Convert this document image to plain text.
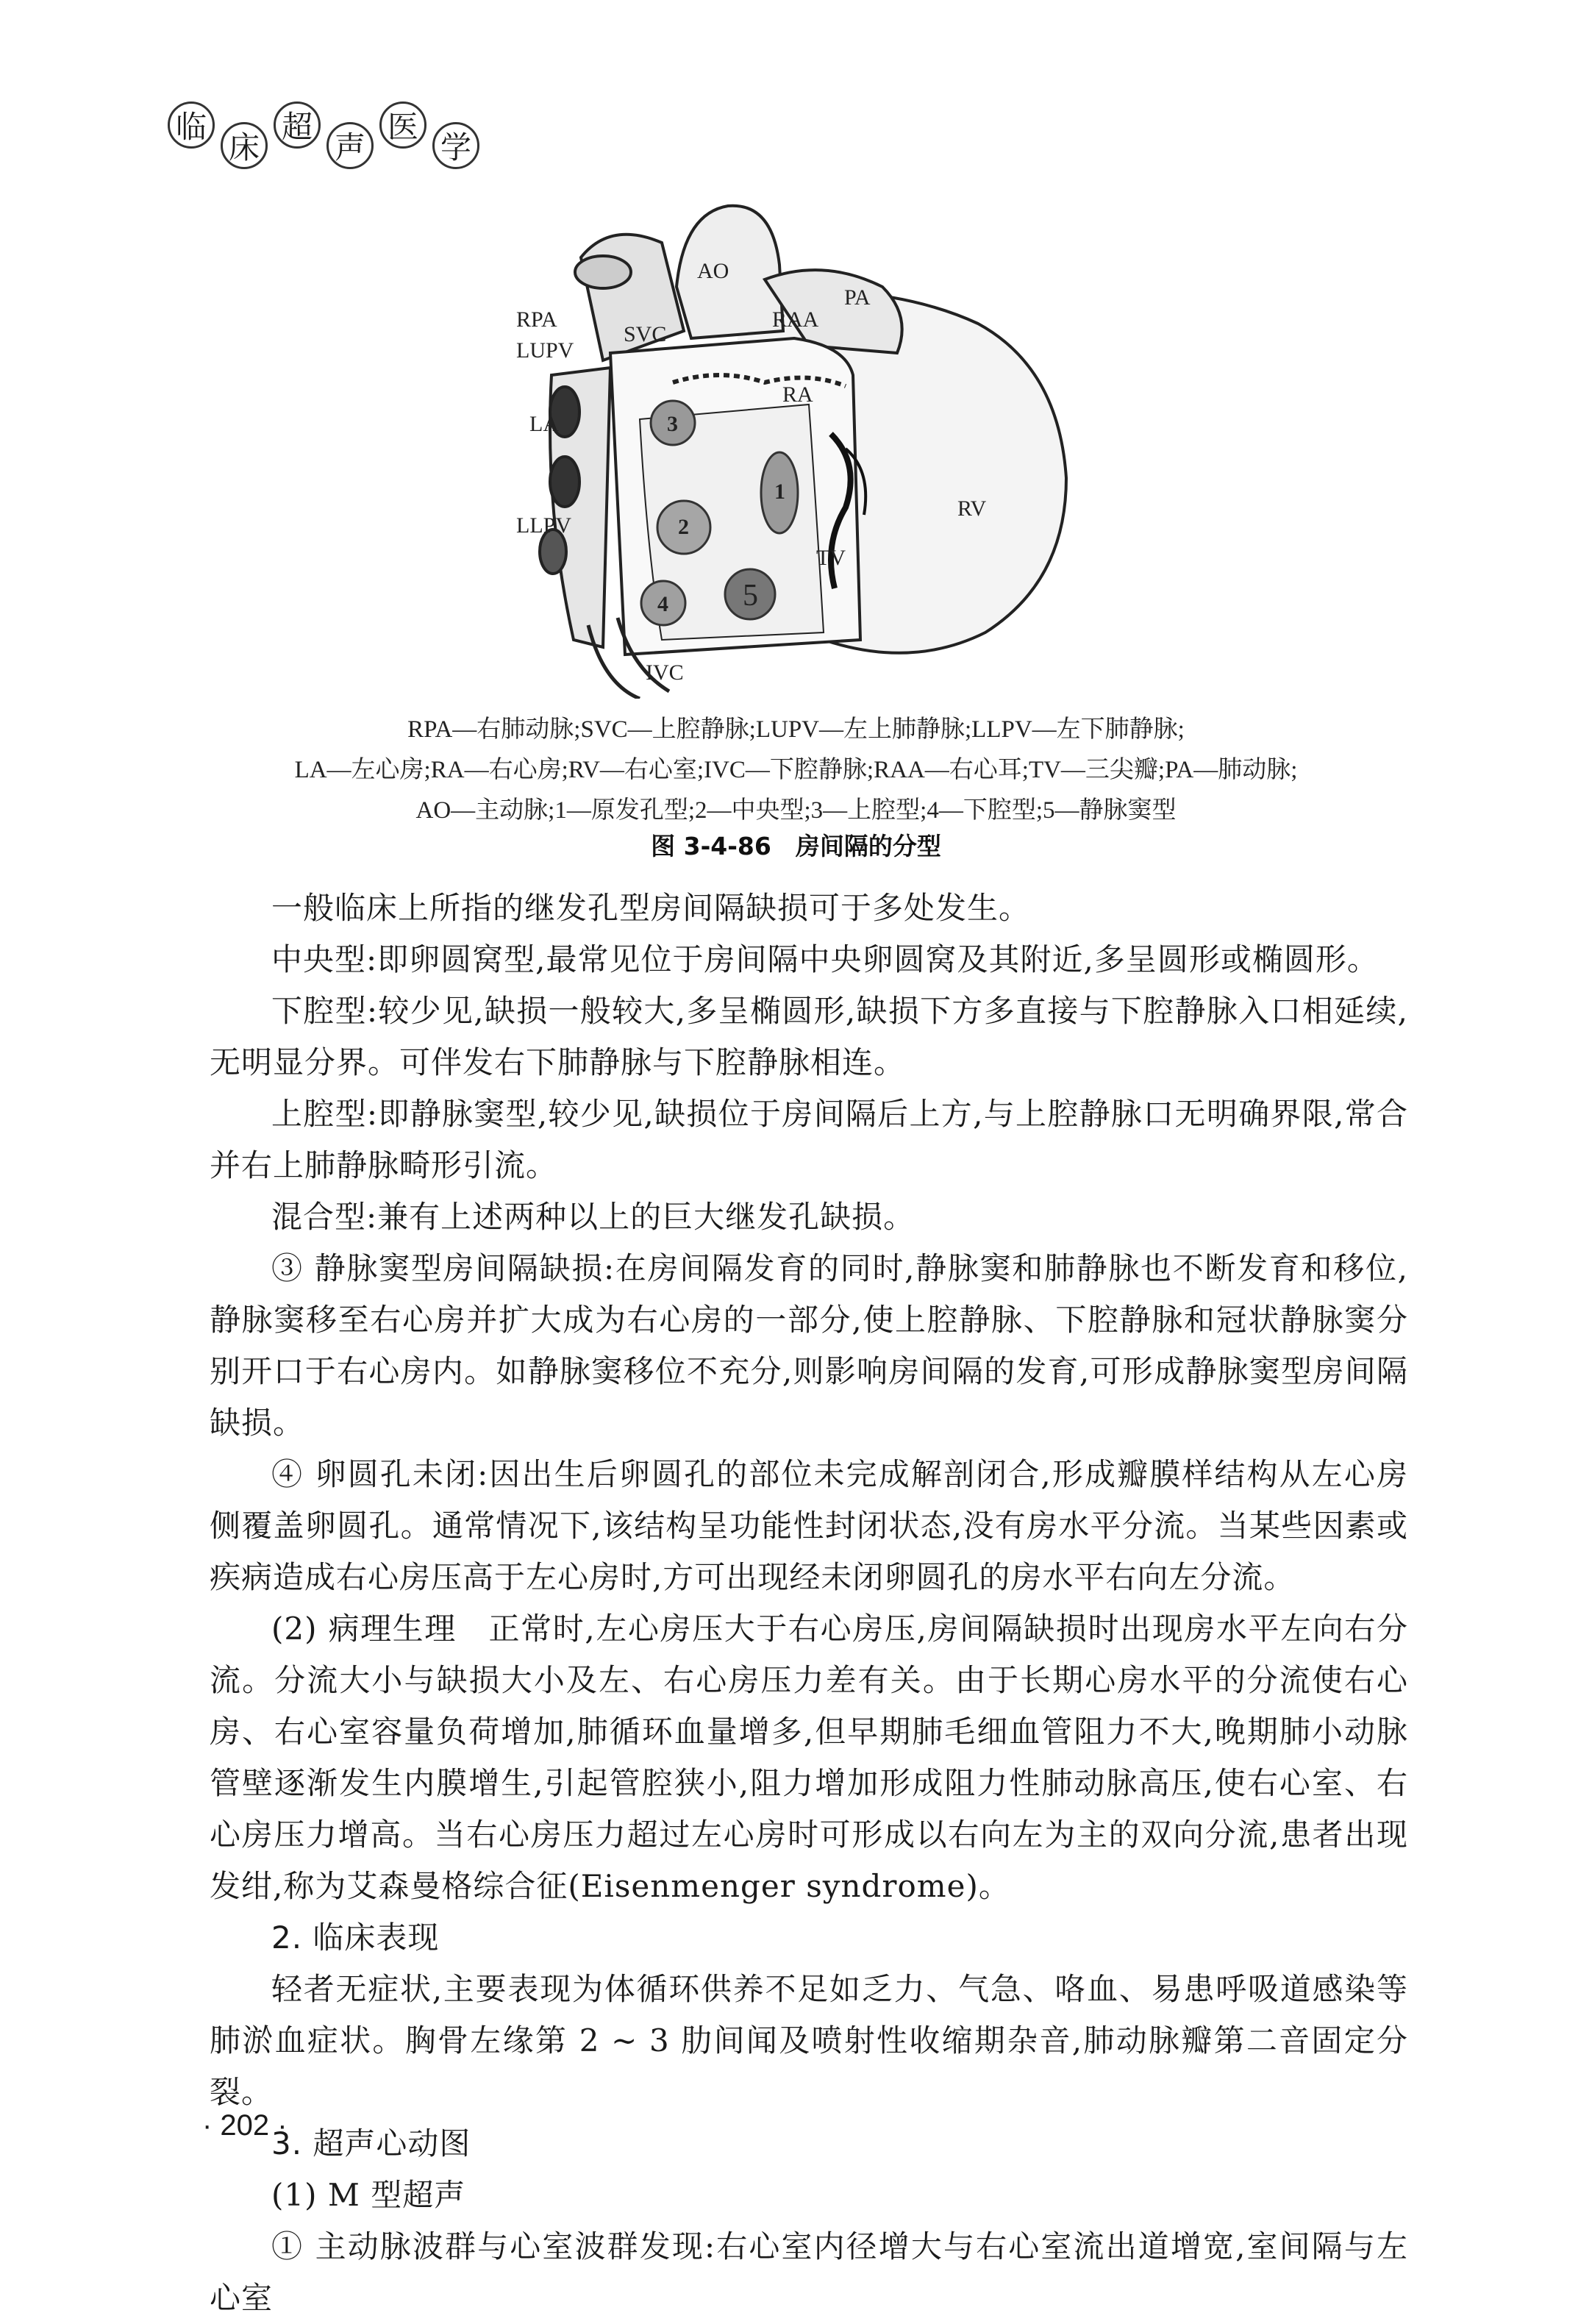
临
床
超
声
医
学
AO
PA
RPA
SVC
RAA
LUPV
RA
LA
RV
LLPV
TV
IVC
3
1
2
4 5
RPA—右肺动脉;SVC—上腔静脉;LUPV—左上肺静脉;LLPV—左下肺静脉;
LA—左心房;RA—右心房;RV—右心室;IVC—下腔静脉;RAA—右心耳;TV—三尖瓣;PA—肺动脉;
AO—主动脉;1—原发孔型;2—中央型;3—上腔型;4—下腔型;5—静脉窦型
图 3-4-86　房间隔的分型

一般临床上所指的继发孔型房间隔缺损可于多处发生。

中央型:即卵圆窝型,最常见位于房间隔中央卵圆窝及其附近,多呈圆形或椭圆形。

下腔型:较少见,缺损一般较大,多呈椭圆形,缺损下方多直接与下腔静脉入口相延续,无明显分界。可伴发右下肺静脉与下腔静脉相连。

上腔型:即静脉窦型,较少见,缺损位于房间隔后上方,与上腔静脉口无明确界限,常合并右上肺静脉畸形引流。

混合型:兼有上述两种以上的巨大继发孔缺损。

③ 静脉窦型房间隔缺损:在房间隔发育的同时,静脉窦和肺静脉也不断发育和移位,静脉窦移至右心房并扩大成为右心房的一部分,使上腔静脉、下腔静脉和冠状静脉窦分别开口于右心房内。如静脉窦移位不充分,则影响房间隔的发育,可形成静脉窦型房间隔缺损。

④ 卵圆孔未闭:因出生后卵圆孔的部位未完成解剖闭合,形成瓣膜样结构从左心房侧覆盖卵圆孔。通常情况下,该结构呈功能性封闭状态,没有房水平分流。当某些因素或疾病造成右心房压高于左心房时,方可出现经未闭卵圆孔的房水平右向左分流。

(2) 病理生理　正常时,左心房压大于右心房压,房间隔缺损时出现房水平左向右分流。分流大小与缺损大小及左、右心房压力差有关。由于长期心房水平的分流使右心房、右心室容量负荷增加,肺循环血量增多,但早期肺毛细血管阻力不大,晚期肺小动脉管壁逐渐发生内膜增生,引起管腔狭小,阻力增加形成阻力性肺动脉高压,使右心室、右心房压力增高。当右心房压力超过左心房时可形成以右向左为主的双向分流,患者出现发绀,称为艾森曼格综合征(Eisenmenger syndrome)。

2. 临床表现

轻者无症状,主要表现为体循环供养不足如乏力、气急、咯血、易患呼吸道感染等肺淤血症状。胸骨左缘第 2 ~ 3 肋间闻及喷射性收缩期杂音,肺动脉瓣第二音固定分裂。

3. 超声心动图

(1) M 型超声

① 主动脉波群与心室波群发现:右心室内径增大与右心室流出道增宽,室间隔与左心室

· 202 ·
